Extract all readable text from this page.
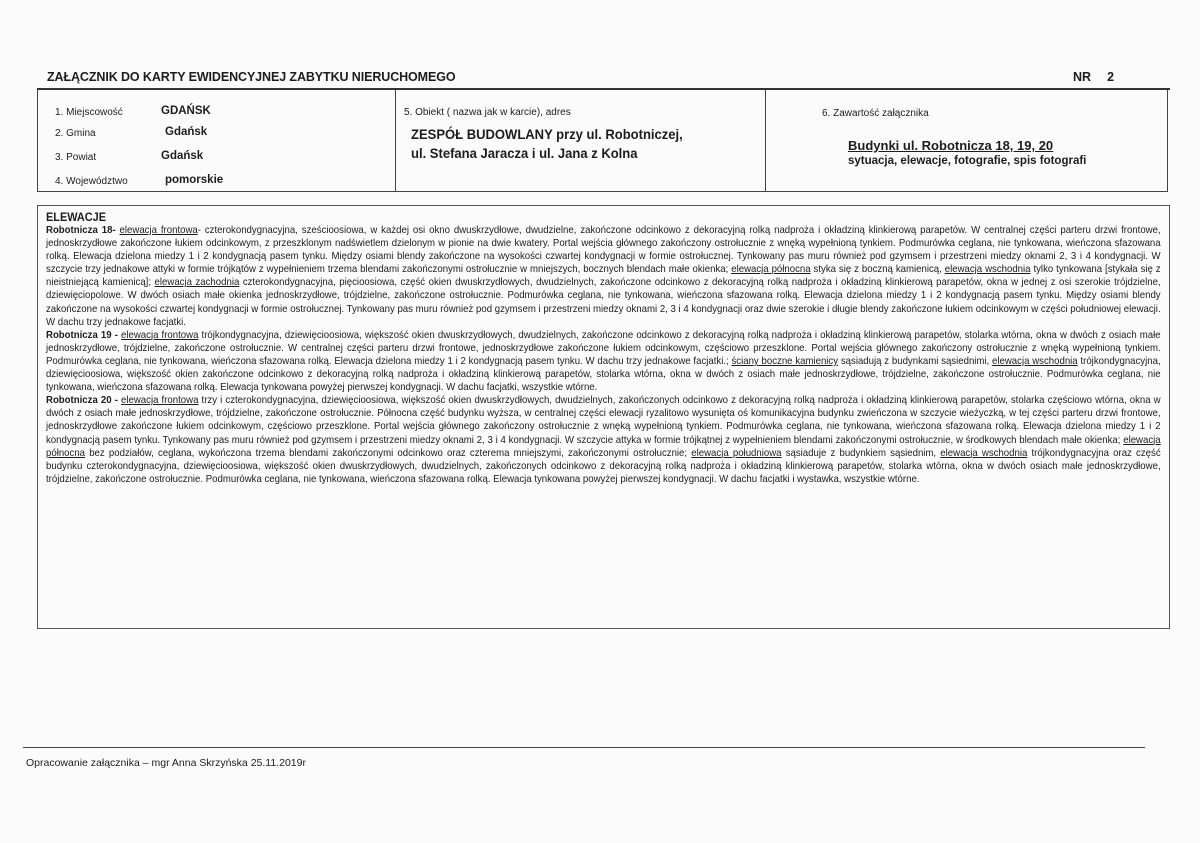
ZAŁĄCZNIK DO KARTY EWIDENCYJNEJ ZABYTKU NIERUCHOMEGO	NR 2
1. Miejscowość	GDAŃSK
2. Gmina	Gdańsk
3. Powiat	Gdańsk
4. Województwo	pomorskie
5. Obiekt ( nazwa jak w karcie), adres
ZESPÓŁ BUDOWLANY przy ul. Robotniczej,
ul. Stefana Jaracza i ul. Jana z Kolna
6. Zawartość załącznika
Budynki ul. Robotnicza 18, 19, 20
sytuacja, elewacje, fotografie, spis fotografi
ELEWACJE
Robotnicza 18- elewacja frontowa- czterokondygnacyjna, sześcioosiowa, w każdej osi okno dwuskrzydłowe, dwudzielne, zakończone odcinkowo z dekoracyjną rolką nadproża i okładziną klinkierową parapetów. W centralnej części parteru drzwi frontowe, jednoskrzydłowe zakończone łukiem odcinkowym, z przeszklonym nadświetlem dzielonym w pionie na dwie kwatery. Portal wejścia głównego zakończony ostrołucznie z wnęką wypełnioną tynkiem. Podmurówka ceglana, nie tynkowana, wieńczona sfazowana rolką. Elewacja dzielona miedzy 1 i 2 kondygnacją pasem tynku. Między osiami blendy zakończone na wysokości czwartej kondygnacji w formie ostrołucznej. Tynkowany pas muru również pod gzymsem i przestrzeni miedzy oknami 2, 3 i 4 kondygnacji. W szczycie trzy jednakowe attyki w formie trójkątów z wypełnieniem trzema blendami zakończonymi ostrołucznie w mniejszych, bocznych blendach małe okienka; elewacja północna styka się z boczną kamienicą, elewacja wschodnia tylko tynkowana [stykała się z nieistniejącą kamienicą]; elewacja zachodnia czterokondygnacyjna, pięcioosiowa, część okien dwuskrzydłowych, dwudzielnych, zakończone odcinkowo z dekoracyjną rolką nadproża i okładziną klinkierową parapetów, okna w jednej z osi szerokie trójdzielne, dziewięciopolowe. W dwóch osiach małe okienka jednoskrzydłowe, trójdzielne, zakończone ostrołucznie. Podmurówka ceglana, nie tynkowana, wieńczona sfazowana rolką. Elewacja dzielona miedzy 1 i 2 kondygnacją pasem tynku. Między osiami blendy zakończone na wysokości czwartej kondygnacji w formie ostrołucznej. Tynkowany pas muru również pod gzymsem i przestrzeni miedzy oknami 2, 3 i 4 kondygnacji oraz dwie szerokie i długie blendy zakończone łukiem odcinkowym w części południowej elewacji. W dachu trzy jednakowe facjatki.
Robotnicza 19 - elewacja frontowa trójkondygnacyjna, dziewięcioosiowa, większość okien dwuskrzydłowych, dwudzielnych, zakończone odcinkowo z dekoracyjną rolką nadproża i okładziną klinkierową parapetów, stolarka wtórna, okna w dwóch z osiach małe jednoskrzydłowe, trójdzielne, zakończone ostrołucznie. W centralnej części parteru drzwi frontowe, jednoskrzydłowe zakończone łukiem odcinkowym, częściowo przeszklone. Portal wejścia głównego zakończony ostrołucznie z wnęką wypełnioną tynkiem. Podmurówka ceglana, nie tynkowana, wieńczona sfazowana rolką. Elewacja dzielona miedzy 1 i 2 kondygnacją pasem tynku. W dachu trzy jednakowe facjatki.; ściany boczne kamienicy sąsiadują z budynkami sąsiednimi, elewacja wschodnia trójkondygnacyjna, dziewięcioosiowa, większość okien zakończone odcinkowo z dekoracyjną rolką nadproża i okładziną klinkierową parapetów, stolarka wtórna, okna w dwóch z osiach małe jednoskrzydłowe, trójdzielne, zakończone ostrołucznie. Podmurówka ceglana, nie tynkowana, wieńczona sfazowana rolką. Elewacja tynkowana powyżej pierwszej kondygnacji. W dachu facjatki, wszystkie wtórne.
Robotnicza 20 - elewacja frontowa trzy i czterokondygnacyjna, dziewięcioosiowa, większość okien dwuskrzydłowych, dwudzielnych, zakończonych odcinkowo z dekoracyjną rolką nadproża i okładziną klinkierową parapetów, stolarka częściowo wtórna, okna w dwóch z osiach małe jednoskrzydłowe, trójdzielne, zakończone ostrołucznie. Północna część budynku wyższa, w centralnej części elewacji ryzalitowo wysunięta oś komunikacyjna budynku zwieńczona w szczycie wieżyczką, w tej części parteru drzwi frontowe, jednoskrzydłowe zakończone łukiem odcinkowym, częściowo przeszklone. Portal wejścia głównego zakończony ostrołucznie z wnęką wypełnioną tynkiem. Podmurówka ceglana, nie tynkowana, wieńczona sfazowana rolką. Elewacja dzielona miedzy 1 i 2 kondygnacją pasem tynku. Tynkowany pas muru również pod gzymsem i przestrzeni miedzy oknami 2, 3 i 4 kondygnacji. W szczycie attyka w formie trójkątnej z wypełnieniem blendami zakończonymi ostrołucznie, w środkowych blendach małe okienka; elewacja północna bez podziałów, ceglana, wykończona trzema blendami zakończonymi odcinkowo oraz czterema mniejszymi, zakończonymi ostrołucznie; elewacja południowa sąsiaduje z budynkiem sąsiednim, elewacja wschodnia trójkondygnacyjna oraz część budynku czterokondygnacyjna, dziewięcioosiowa, większość okien dwuskrzydłowych, dwudzielnych, zakończonych odcinkowo z dekoracyjną rolką nadproża i okładziną klinkierową parapetów, stolarka wtórna, okna w dwóch osiach małe jednoskrzydłowe, trójdzielne, zakończone ostrołucznie. Podmurówka ceglana, nie tynkowana, wieńczona sfazowana rolką. Elewacja tynkowana powyżej pierwszej kondygnacji. W dachu facjatki i wystawka, wszystkie wtórne.
Opracowanie załącznika – mgr Anna Skrzyńska 25.11.2019r
